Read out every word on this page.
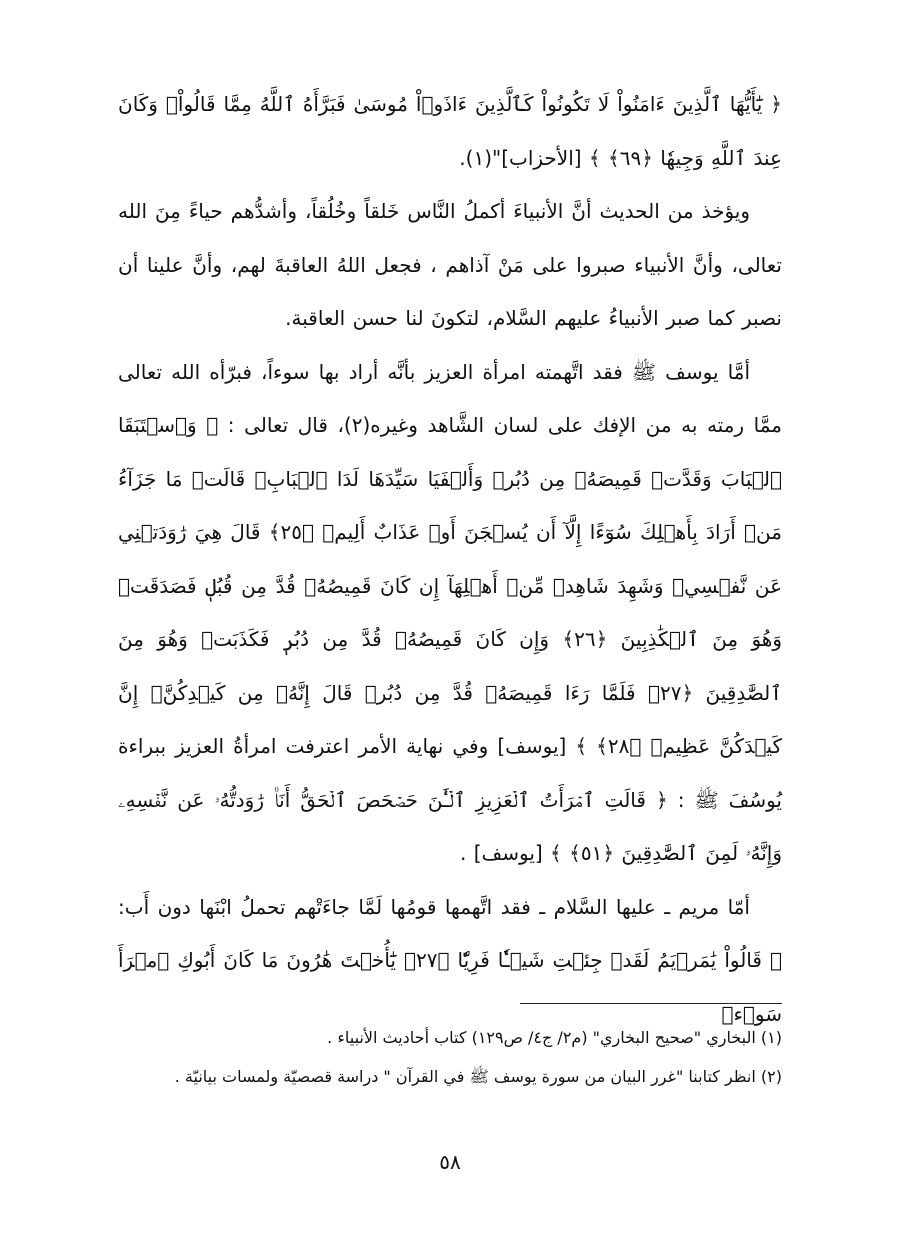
﴿ يَٰٓأَيُّهَا ٱلَّذِينَ ءَامَنُواْ لَا تَكُونُواْ كَٱلَّذِينَ ءَاذَوۡاْ مُوسَىٰ فَبَرَّأَهُ ٱللَّهُ مِمَّا قَالُواْۚ وَكَانَ عِندَ ٱللَّهِ وَجِيهٗا ﴿٦٩﴾ ﴾ [الأحزاب]"(١).

ويؤخذ من الحديث أنَّ الأنبياءَ أكملُ النَّاس خَلقاً وخُلُقاً، وأشدُّهم حياءً مِنَ الله تعالى، وأنَّ الأنبياء صبروا على مَنْ آذاهم ، فجعل اللهُ العاقبةَ لهم، وأنَّ علينا أن نصبر كما صبر الأنبياءُ عليهم السَّلام، لتكونَ لنا حسن العاقبة.

أمَّا يوسف ﷺ فقد اتَّهمته امرأة العزيز بأنَّه أراد بها سوءاً، فبرّأه الله تعالى ممَّا رمته به من الإفك على لسان الشَّاهد وغيره(٢)، قال تعالى : ﴿ وَٱسۡتَبَقَا ٱلۡبَابَ وَقَدَّتۡ قَمِيصَهُۥ مِن دُبُرٖ وَأَلۡفَيَا سَيِّدَهَا لَدَا ٱلۡبَابِۚ قَالَتۡ مَا جَزَآءُ مَنۡ أَرَادَ بِأَهۡلِكَ سُوٓءًا إِلَّآ أَن يُسۡجَنَ أَوۡ عَذَابٌ أَلِيمٞ ﴿٢٥﴾ قَالَ هِيَ رَٰوَدَتۡنِي عَن نَّفۡسِيۚ وَشَهِدَ شَاهِدٞ مِّنۡ أَهۡلِهَآ إِن كَانَ قَمِيصُهُۥ قُدَّ مِن قُبُلٖ فَصَدَقَتۡ وَهُوَ مِنَ ٱلۡكَٰذِبِينَ ﴿٢٦﴾ وَإِن كَانَ قَمِيصُهُۥ قُدَّ مِن دُبُرٖ فَكَذَبَتۡ وَهُوَ مِنَ ٱلصَّٰدِقِينَ ﴿٢٧﴾ فَلَمَّا رَءَا قَمِيصَهُۥ قُدَّ مِن دُبُرٖ قَالَ إِنَّهُۥ مِن كَيۡدِكُنَّۖ إِنَّ كَيۡدَكُنَّ عَظِيمٞ ﴿٢٨﴾ ﴾ [يوسف] وفي نهاية الأمر اعترفت امرأةُ العزيز ببراءة يُوسُفَ ﷺ : ﴿ قَالَتِ ٱمۡرَأَتُ ٱلۡعَزِيزِ ٱلۡـَٰٔنَ حَصۡحَصَ ٱلۡحَقُّ أَنَا۠ رَٰوَدتُّهُۥ عَن نَّفۡسِهِۦ وَإِنَّهُۥ لَمِنَ ٱلصَّٰدِقِينَ ﴿٥١﴾ ﴾ [يوسف] .

أمّا مريم ـ عليها السَّلام ـ فقد اتَّهمها قومُها لَمَّا جاءَتْهم تحملُ ابْنَها دون أَب: ﴿ قَالُواْ يَٰمَرۡيَمُ لَقَدۡ جِئۡتِ شَيۡـٔٗا فَرِيّٗا ﴿٢٧﴾ يَٰٓأُخۡتَ هَٰرُونَ مَا كَانَ أَبُوكِ ٱمۡرَأَ سَوۡءٖ

(١) البخاري "صحيح البخاري" (م٢/ ج٤/ ص١٢٩) كتاب أحاديث الأنبياء .

(٢) انظر كتابنا "غرر البيان من سورة يوسف ﷺ في القرآن " دراسة قصصيّة ولمسات بيانيّة .

٥٨
